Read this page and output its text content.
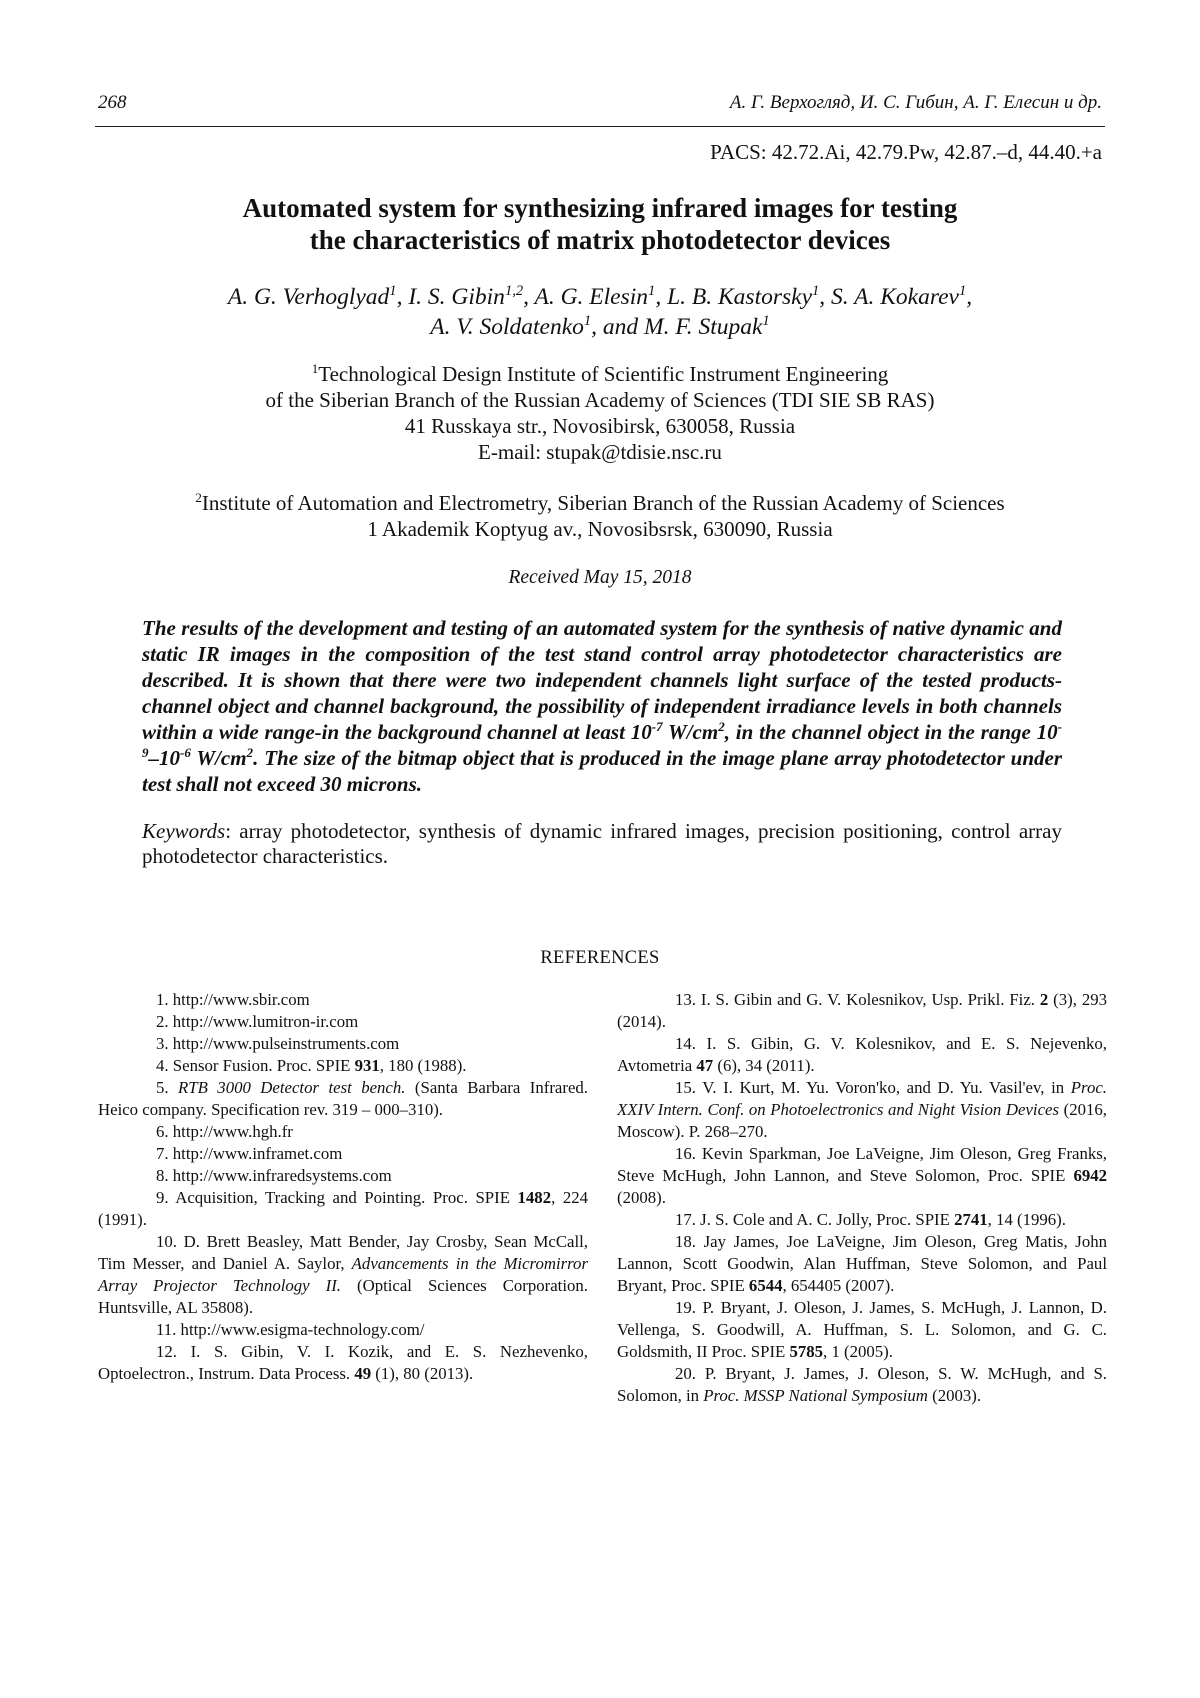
268	А. Г. Верхогляд, И. С. Гибин, А. Г. Елесин и др.
PACS: 42.72.Ai, 42.79.Pw, 42.87.–d, 44.40.+a
Automated system for synthesizing infrared images for testing
the characteristics of matrix photodetector devices
A. G. Verhoglyad1, I. S. Gibin1,2, A. G. Elesin1, L. B. Kastorsky1, S. A. Kokarev1,
A. V. Soldatenko1, and M. F. Stupak1
1Technological Design Institute of Scientific Instrument Engineering
of the Siberian Branch of the Russian Academy of Sciences (TDI SIE SB RAS)
41 Russkaya str., Novosibirsk, 630058, Russia
E-mail: stupak@tdisie.nsc.ru
2Institute of Automation and Electrometry, Siberian Branch of the Russian Academy of Sciences
1 Akademik Koptyug av., Novosibsrsk, 630090, Russia
Received May 15, 2018
The results of the development and testing of an automated system for the synthesis of native dynamic and static IR images in the composition of the test stand control array photodetector characteristics are described. It is shown that there were two independent channels light surface of the tested products-channel object and channel background, the possibility of independent irradiance levels in both channels within a wide range-in the background channel at least 10-7 W/cm2, in the channel object in the range 10-9–10-6 W/cm2. The size of the bitmap object that is produced in the image plane array photodetector under test shall not exceed 30 microns.
Keywords: array photodetector, synthesis of dynamic infrared images, precision positioning, control array photodetector characteristics.
REFERENCES

1. http://www.sbir.com

2. http://www.lumitron-ir.com

3. http://www.pulseinstruments.com

4. Sensor Fusion. Proc. SPIE 931, 180 (1988).

5. RTB 3000 Detector test bench. (Santa Barbara Infrared. Heico company. Specification rev. 319 – 000–310).

6. http://www.hgh.fr

7. http://www.inframet.com

8. http://www.infraredsystems.com

9. Acquisition, Tracking and Pointing. Proc. SPIE 1482, 224 (1991).

10. D. Brett Beasley, Matt Bender, Jay Crosby, Sean McCall, Tim Messer, and Daniel A. Saylor, Advancements in the Micromirror Array Projector Technology II. (Optical Sciences Corporation. Huntsville, AL 35808).

11. http://www.esigma-technology.com/

12. I. S. Gibin, V. I. Kozik, and E. S. Nezhevenko, Optoelectron., Instrum. Data Process. 49 (1), 80 (2013).

13. I. S. Gibin and G. V. Kolesnikov, Usp. Prikl. Fiz. 2 (3), 293 (2014).

14. I. S. Gibin, G. V. Kolesnikov, and E. S. Nejevenko, Avtometria 47 (6), 34 (2011).

15. V. I. Kurt, M. Yu. Voron'ko, and D. Yu. Vasil'ev, in Proc. XXIV Intern. Conf. on Photoelectronics and Night Vision Devices (2016, Moscow). P. 268–270.

16. Kevin Sparkman, Joe LaVeigne, Jim Oleson, Greg Franks, Steve McHugh, John Lannon, and Steve Solomon, Proc. SPIE 6942 (2008).

17. J. S. Cole and A. C. Jolly, Proc. SPIE 2741, 14 (1996).

18. Jay James, Joe LaVeigne, Jim Oleson, Greg Matis, John Lannon, Scott Goodwin, Alan Huffman, Steve Solomon, and Paul Bryant, Proc. SPIE 6544, 654405 (2007).

19. P. Bryant, J. Oleson, J. James, S. McHugh, J. Lannon, D. Vellenga, S. Goodwill, A. Huffman, S. L. Solomon, and G. C. Goldsmith, II Proc. SPIE 5785, 1 (2005).

20. P. Bryant, J. James, J. Oleson, S. W. McHugh, and S. Solomon, in Proc. MSSP National Symposium (2003).
